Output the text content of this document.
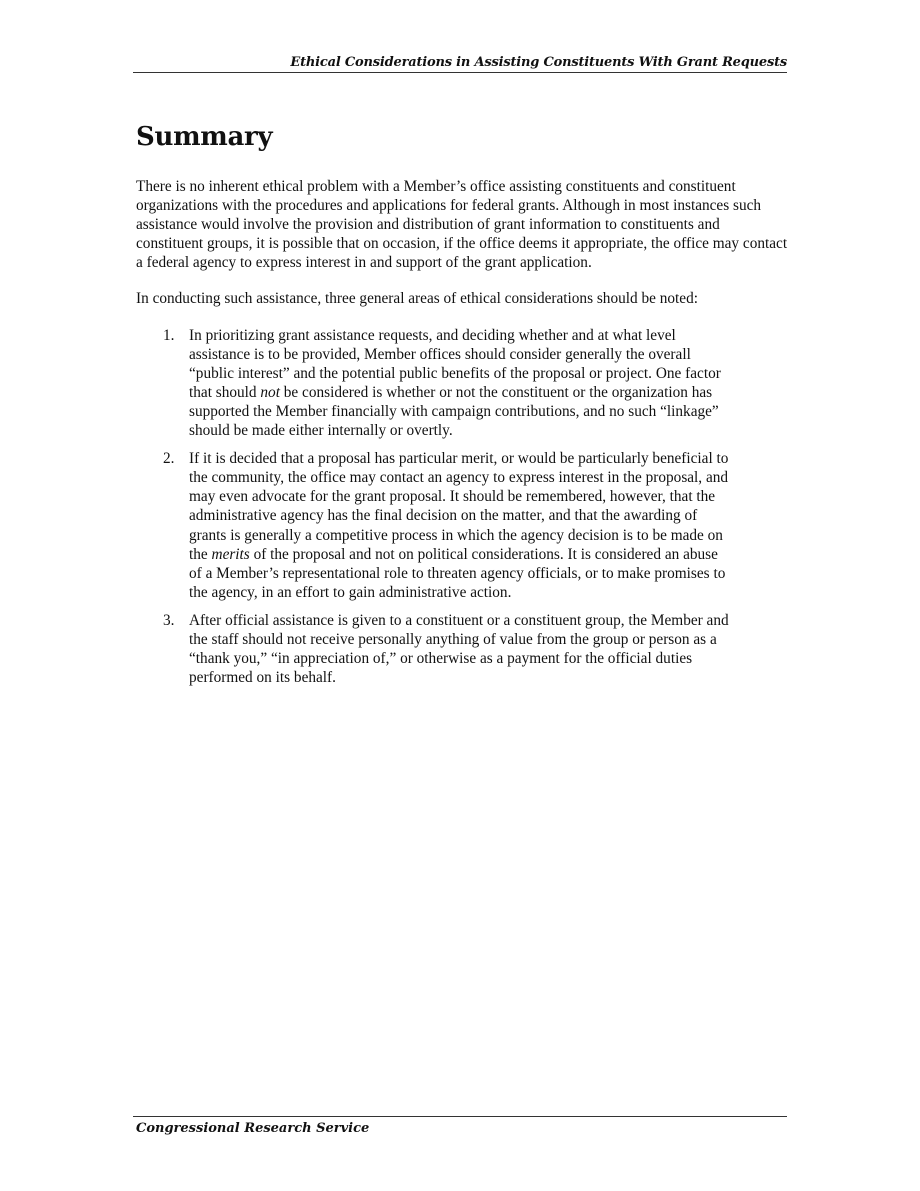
Ethical Considerations in Assisting Constituents With Grant Requests
Summary

There is no inherent ethical problem with a Member’s office assisting constituents and constituent organizations with the procedures and applications for federal grants. Although in most instances such assistance would involve the provision and distribution of grant information to constituents and constituent groups, it is possible that on occasion, if the office deems it appropriate, the office may contact a federal agency to express interest in and support of the grant application.

In conducting such assistance, three general areas of ethical considerations should be noted:

1. In prioritizing grant assistance requests, and deciding whether and at what level assistance is to be provided, Member offices should consider generally the overall “public interest” and the potential public benefits of the proposal or project. One factor that should not be considered is whether or not the constituent or the organization has supported the Member financially with campaign contributions, and no such “linkage” should be made either internally or overtly.
2. If it is decided that a proposal has particular merit, or would be particularly beneficial to the community, the office may contact an agency to express interest in the proposal, and may even advocate for the grant proposal. It should be remembered, however, that the administrative agency has the final decision on the matter, and that the awarding of grants is generally a competitive process in which the agency decision is to be made on the merits of the proposal and not on political considerations. It is considered an abuse of a Member’s representational role to threaten agency officials, or to make promises to the agency, in an effort to gain administrative action.
3. After official assistance is given to a constituent or a constituent group, the Member and the staff should not receive personally anything of value from the group or person as a “thank you,” “in appreciation of,” or otherwise as a payment for the official duties performed on its behalf.
Congressional Research Service
